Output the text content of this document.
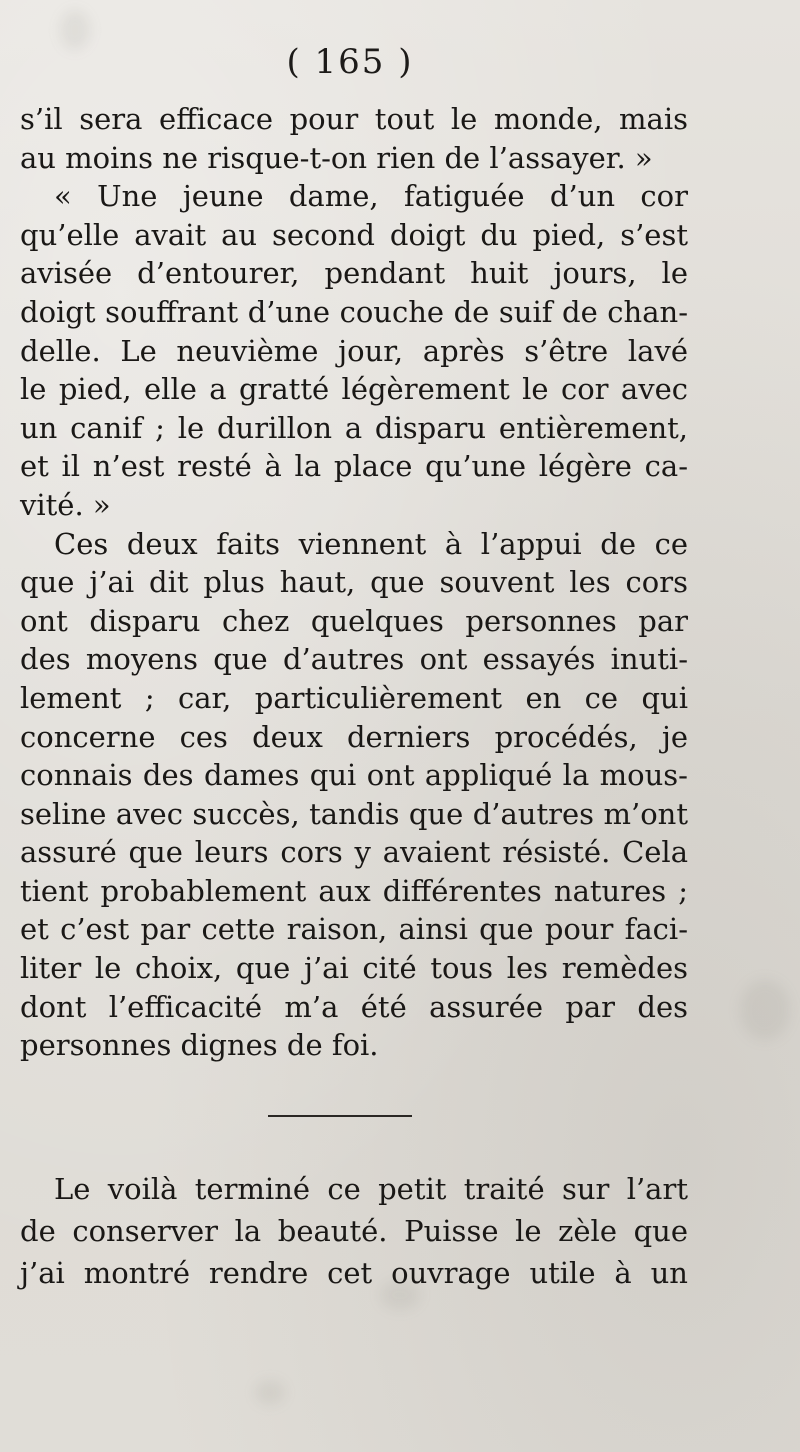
( 165 )
s’il sera efficace pour tout le monde, mais
au moins ne risque-t-on rien de l’assayer. »
« Une jeune dame, fatiguée d’un cor
qu’elle avait au second doigt du pied, s’est
avisée d’entourer, pendant huit jours, le
doigt souffrant d’une couche de suif de chan-
delle. Le neuvième jour, après s’être lavé
le pied, elle a gratté légèrement le cor avec
un canif ; le durillon a disparu entièrement,
et il n’est resté à la place qu’une légère ca-
vité. »
Ces deux faits viennent à l’appui de ce
que j’ai dit plus haut, que souvent les cors
ont disparu chez quelques personnes par
des moyens que d’autres ont essayés inuti-
lement ; car, particulièrement en ce qui
concerne ces deux derniers procédés, je
connais des dames qui ont appliqué la mous-
seline avec succès, tandis que d’autres m’ont
assuré que leurs cors y avaient résisté. Cela
tient probablement aux différentes natures ;
et c’est par cette raison, ainsi que pour faci-
liter le choix, que j’ai cité tous les remèdes
dont l’efficacité m’a été assurée par des
personnes dignes de foi.
Le voilà terminé ce petit traité sur l’art
de conserver la beauté. Puisse le zèle que
j’ai montré rendre cet ouvrage utile à un
